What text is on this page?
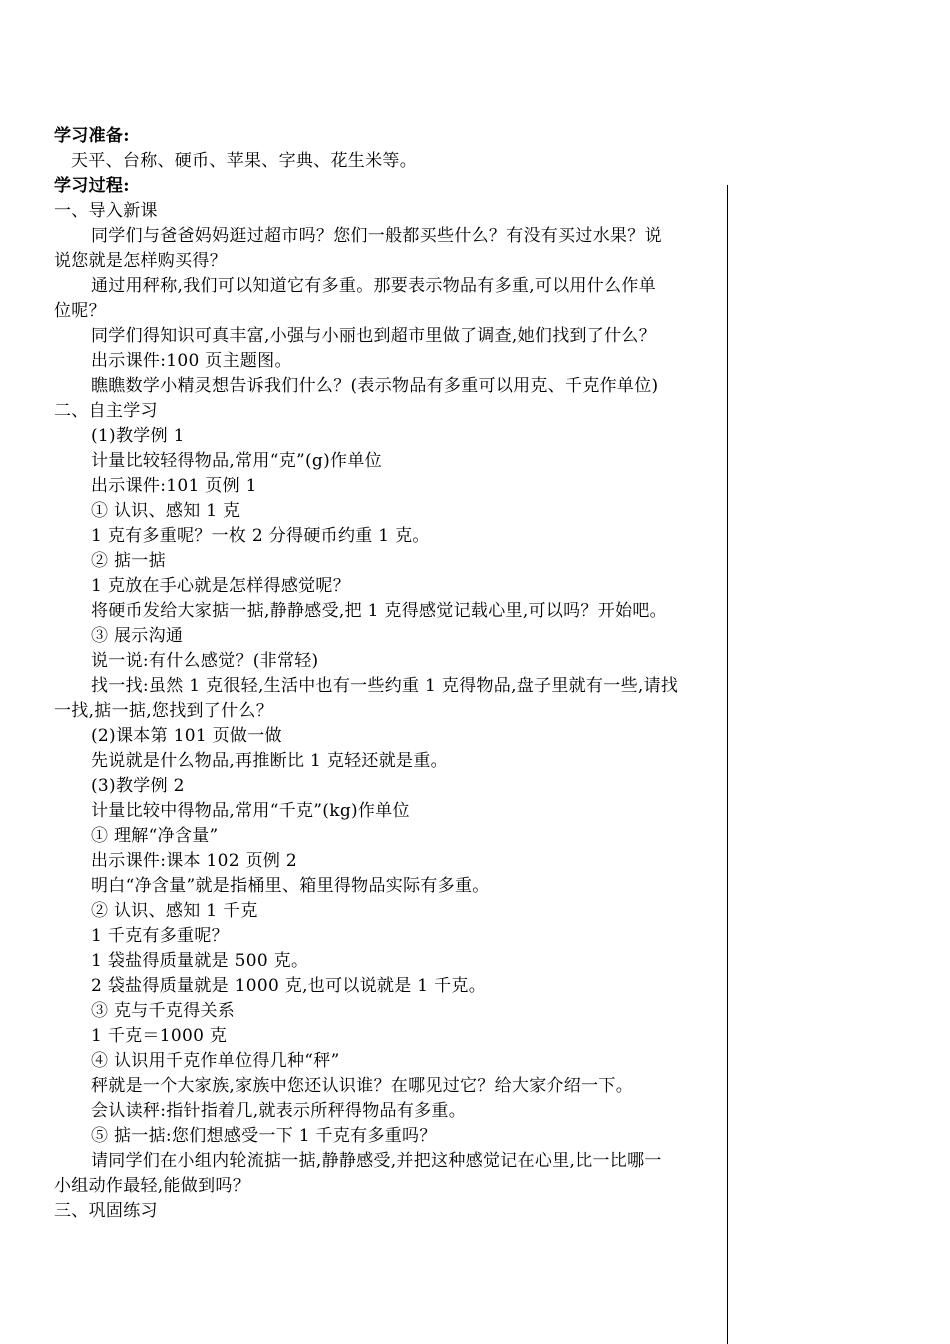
学习准备:
天平、台称、硬币、苹果、字典、花生米等。
学习过程:
一、导入新课
同学们与爸爸妈妈逛过超市吗？您们一般都买些什么？有没有买过水果？说
说您就是怎样购买得？
通过用秤称,我们可以知道它有多重。那要表示物品有多重,可以用什么作单
位呢？
同学们得知识可真丰富,小强与小丽也到超市里做了调查,她们找到了什么？
出示课件:100 页主题图。
瞧瞧数学小精灵想告诉我们什么？(表示物品有多重可以用克、千克作单位)
二、自主学习
(1)教学例 1
计量比较轻得物品,常用“克”(g)作单位
出示课件:101 页例 1
① 认识、感知 1 克
1 克有多重呢？一枚 2 分得硬币约重 1 克。
② 掂一掂
1 克放在手心就是怎样得感觉呢？
将硬币发给大家掂一掂,静静感受,把 1 克得感觉记载心里,可以吗？开始吧。
③ 展示沟通
说一说:有什么感觉？(非常轻)
找一找:虽然 1 克很轻,生活中也有一些约重 1 克得物品,盘子里就有一些,请找
一找,掂一掂,您找到了什么？
(2)课本第 101 页做一做
先说就是什么物品,再推断比 1 克轻还就是重。
(3)教学例 2
计量比较中得物品,常用“千克”(kg)作单位
① 理解“净含量”
出示课件:课本 102 页例 2
明白“净含量”就是指桶里、箱里得物品实际有多重。
② 认识、感知 1 千克
1 千克有多重呢？
1 袋盐得质量就是 500 克。
2 袋盐得质量就是 1000 克,也可以说就是 1 千克。
③ 克与千克得关系
1 千克＝1000 克
④ 认识用千克作单位得几种“秤”
秤就是一个大家族,家族中您还认识谁？在哪见过它？给大家介绍一下。
会认读秤:指针指着几,就表示所秤得物品有多重。
⑤ 掂一掂:您们想感受一下 1 千克有多重吗？
请同学们在小组内轮流掂一掂,静静感受,并把这种感觉记在心里,比一比哪一
小组动作最轻,能做到吗？
三、巩固练习
